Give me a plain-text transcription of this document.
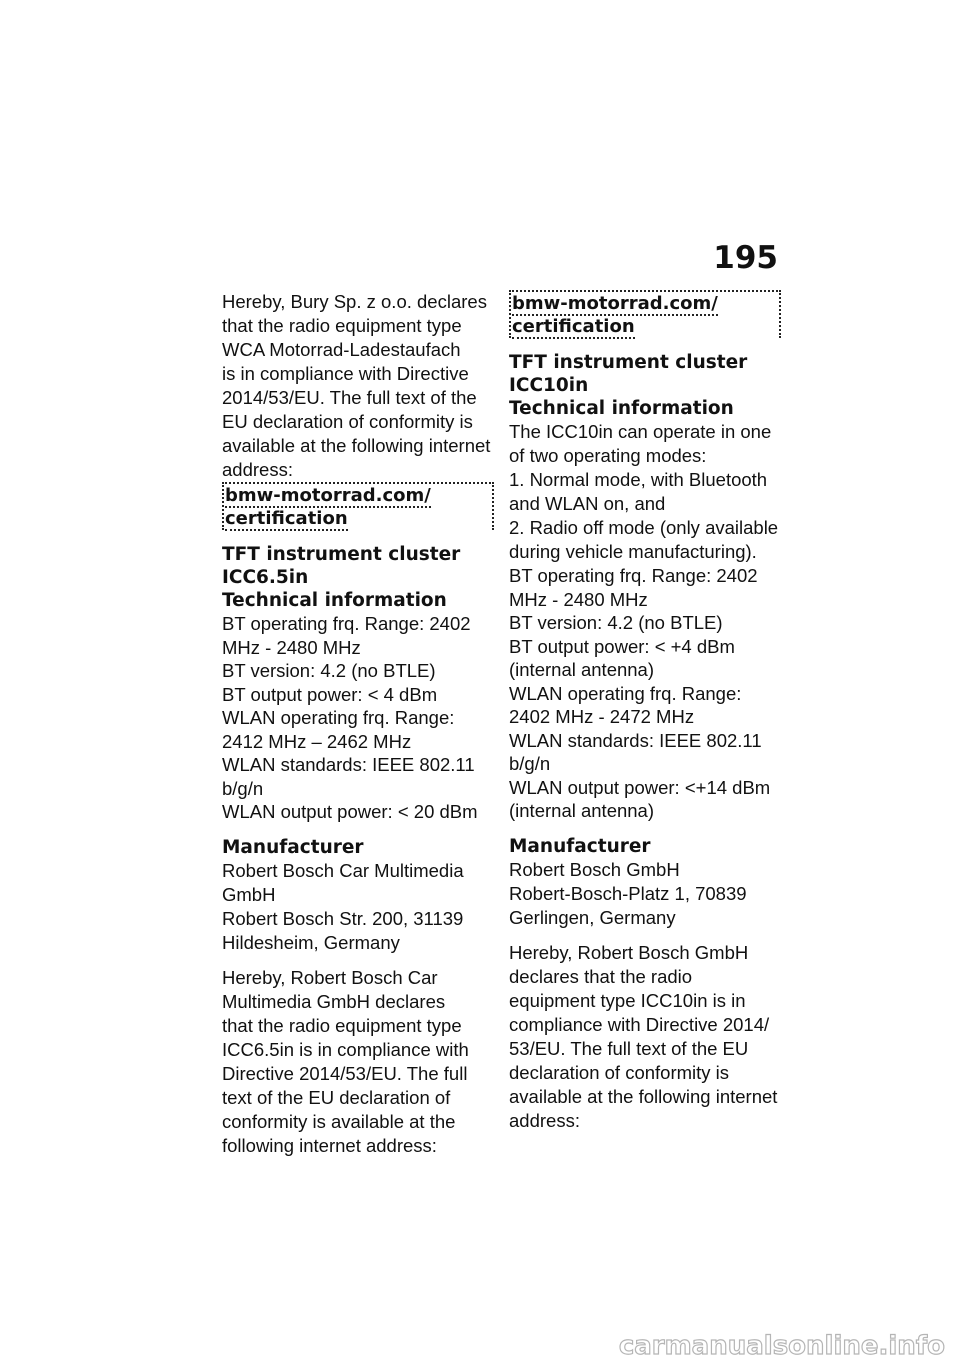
195

Hereby, Bury Sp. z o.o. declares
that the radio equipment type
WCA Motorrad-Ladestaufach
is in compliance with Directive
2014/53/EU. The full text of the
EU declaration of conformity is
available at the following internet
address:

bmw-motorrad.com/
certification
TFT instrument cluster
ICC6.5in
Technical information
BT operating frq. Range: 2402
MHz - 2480 MHz
BT version: 4.2 (no BTLE)
BT output power: < 4 dBm
WLAN operating frq. Range:
2412 MHz – 2462 MHz
WLAN standards: IEEE 802.11
b/g/n
WLAN output power: < 20 dBm
Manufacturer

Robert Bosch Car Multimedia
GmbH
Robert Bosch Str. 200, 31139
Hildesheim, Germany

Hereby, Robert Bosch Car
Multimedia GmbH declares
that the radio equipment type
ICC6.5in is in compliance with
Directive 2014/53/EU. The full
text of the EU declaration of
conformity is available at the
following internet address:

bmw-motorrad.com/
certification
TFT instrument cluster
ICC10in
Technical information

The ICC10in can operate in one
of two operating modes:
1. Normal mode, with Bluetooth
and WLAN on, and
2. Radio off mode (only available
during vehicle manufacturing).

BT operating frq. Range: 2402
MHz - 2480 MHz
BT version: 4.2 (no BTLE)
BT output power: < +4 dBm
(internal antenna)
WLAN operating frq. Range:
2402 MHz - 2472 MHz
WLAN standards: IEEE 802.11
b/g/n
WLAN output power: <+14 dBm
(internal antenna)
Manufacturer

Robert Bosch GmbH
Robert-Bosch-Platz 1, 70839
Gerlingen, Germany

Hereby, Robert Bosch GmbH
declares that the radio
equipment type ICC10in is in
compliance with Directive 2014/
53/EU. The full text of the EU
declaration of conformity is
available at the following internet
address:

carmanualsonline.info
